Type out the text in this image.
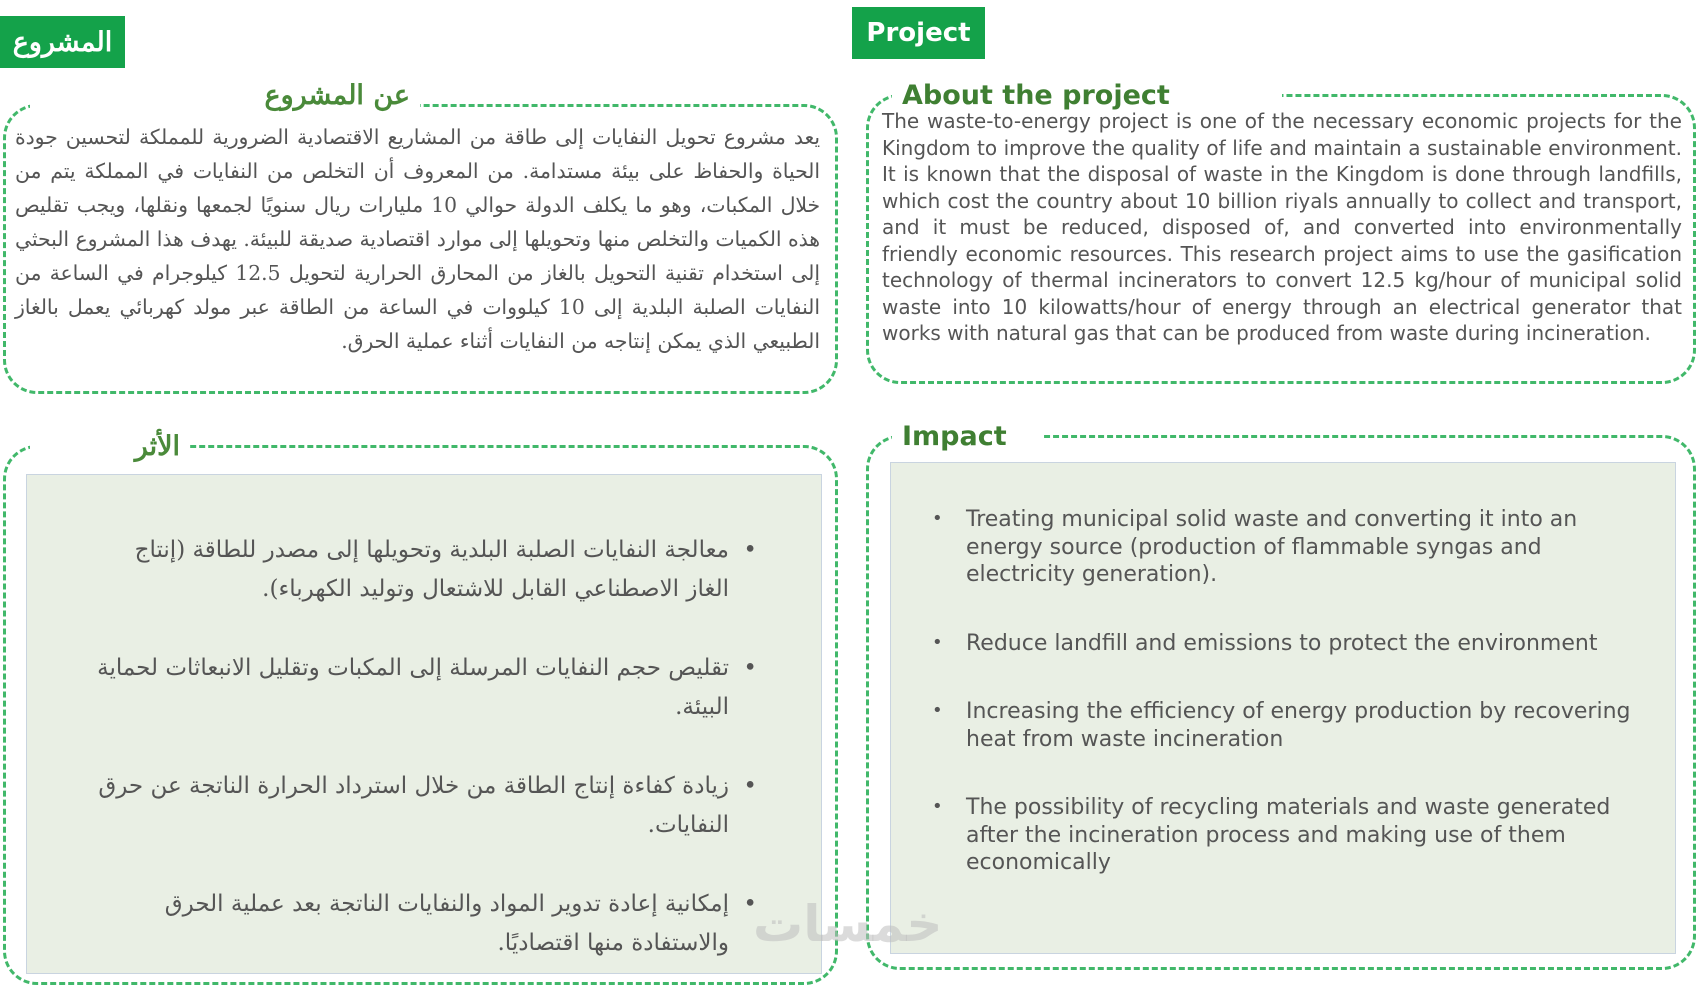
المشروع	Project
عن المشروع

يعد مشروع تحويل النفايات إلى طاقة من المشاريع الاقتصادية الضرورية للمملكة لتحسين جودة الحياة والحفاظ على بيئة مستدامة. من المعروف أن التخلص من النفايات في المملكة يتم من خلال المكبات، وهو ما يكلف الدولة حوالي 10 مليارات ريال سنويًا لجمعها ونقلها، ويجب تقليص هذه الكميات والتخلص منها وتحويلها إلى موارد اقتصادية صديقة للبيئة. يهدف هذا المشروع البحثي إلى استخدام تقنية التحويل بالغاز من المحارق الحرارية لتحويل 12.5 كيلوجرام في الساعة من النفايات الصلبة البلدية إلى 10 كيلووات في الساعة من الطاقة عبر مولد كهربائي يعمل بالغاز الطبيعي الذي يمكن إنتاجه من النفايات أثناء عملية الحرق.

About the project

The waste-to-energy project is one of the necessary economic projects for the Kingdom to improve the quality of life and maintain a sustainable environment. It is known that the disposal of waste in the Kingdom is done through landfills, which cost the country about 10 billion riyals annually to collect and transport, and it must be reduced, disposed of, and converted into environmentally friendly economic resources. This research project aims to use the gasification technology of thermal incinerators to convert 12.5 kg/hour of municipal solid waste into 10 kilowatts/hour of energy through an electrical generator that works with natural gas that can be produced from waste during incineration.

الأثر
•
معالجة النفايات الصلبة البلدية وتحويلها إلى مصدر للطاقة (إنتاج الغاز الاصطناعي القابل للاشتعال وتوليد الكهرباء).
•
تقليص حجم النفايات المرسلة إلى المكبات وتقليل الانبعاثات لحماية البيئة.
•
زيادة كفاءة إنتاج الطاقة من خلال استرداد الحرارة الناتجة عن حرق النفايات.
•
إمكانية إعادة تدوير المواد والنفايات الناتجة بعد عملية الحرق والاستفادة منها اقتصاديًا.
Impact
• Treating municipal solid waste and converting it into an energy source (production of flammable syngas and electricity generation).
• Reduce landfill and emissions to protect the environment
• Increasing the efficiency of energy production by recovering heat from waste incineration
• The possibility of recycling materials and waste generated after the incineration process and making use of them economically
خمسات
